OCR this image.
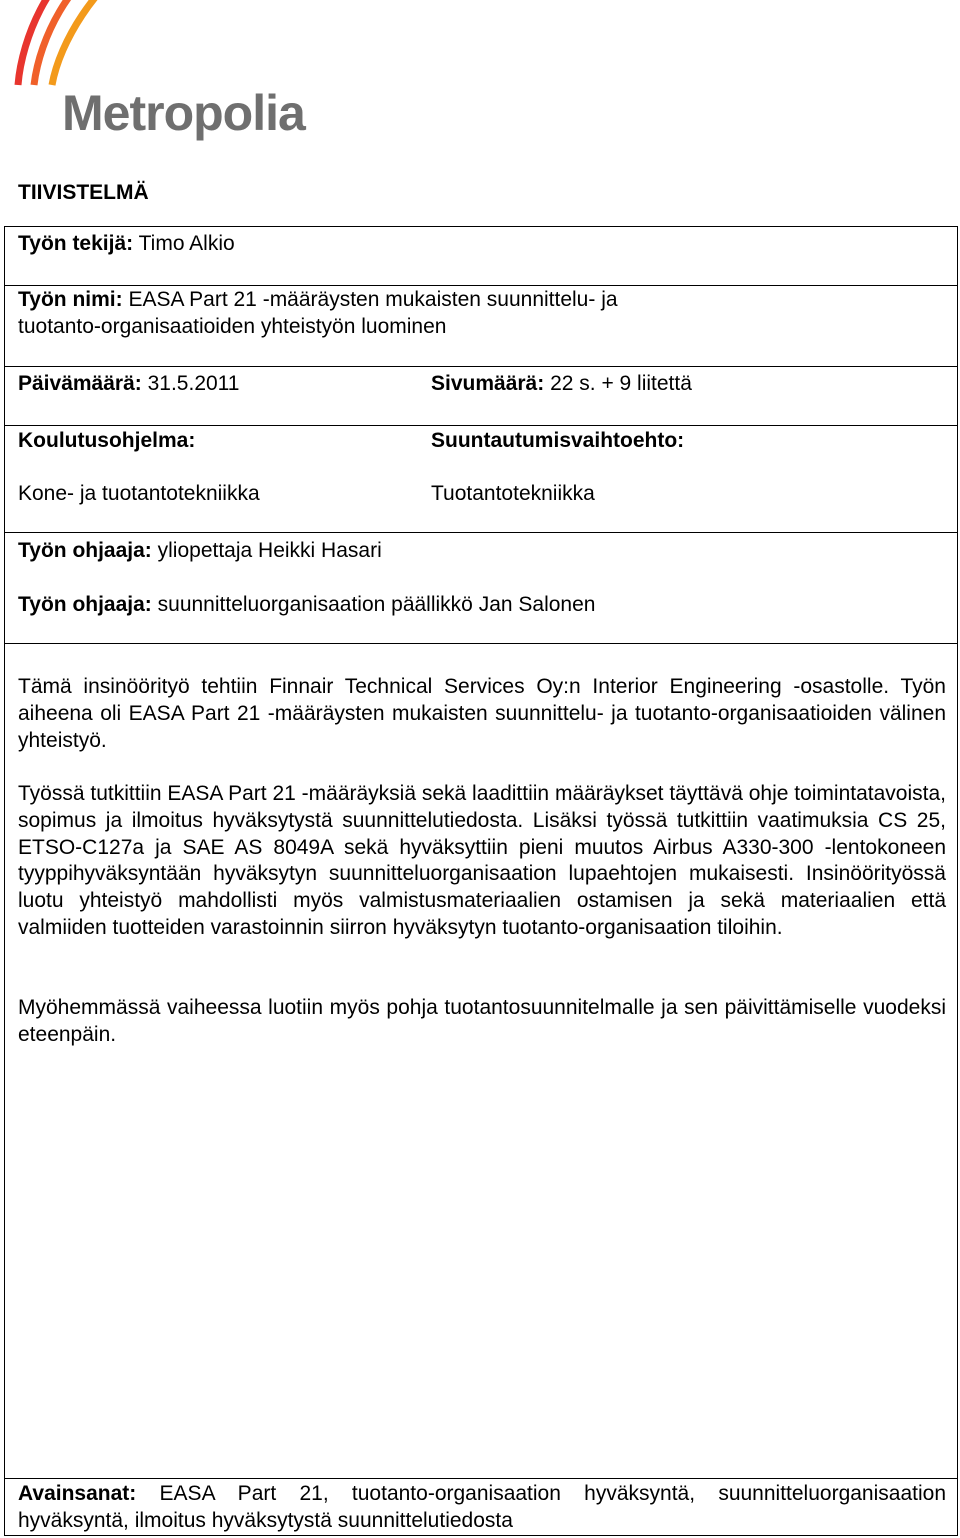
Metropolia
TIIVISTELMÄ
Työn tekijä: Timo Alkio
Työn nimi: EASA Part 21 -määräysten mukaisten suunnittelu- ja
tuotanto-organisaatioiden yhteistyön luominen
Päivämäärä: 31.5.2011	Sivumäärä: 22 s. + 9 liitettä
Koulutusohjelma:
Kone- ja tuotantotekniikka
Suuntautumisvaihtoehto:
Tuotantotekniikka
Työn ohjaaja: yliopettaja Heikki Hasari
Työn ohjaaja: suunnitteluorganisaation päällikkö Jan Salonen
Tämä insinöörityö tehtiin Finnair Technical Services Oy:n Interior Engineering -osastolle. Työn aiheena oli EASA Part 21 -määräysten mukaisten suunnittelu- ja tuotanto-organisaatioiden välinen yhteistyö.
Työssä tutkittiin EASA Part 21 -määräyksiä sekä laadittiin määräykset täyttävä ohje toimintatavoista, sopimus ja ilmoitus hyväksytystä suunnittelutiedosta. Lisäksi työssä tutkittiin vaatimuksia CS 25, ETSO-C127a ja SAE AS 8049A sekä hyväksyttiin pieni muutos Airbus A330-300 -lentokoneen tyyppihyväksyntään hyväksytyn suunnitteluorganisaation lupaehtojen mukaisesti. Insinöörityössä luotu yhteistyö mahdollisti myös valmistusmateriaalien ostamisen ja sekä materiaalien että valmiiden tuotteiden varastoinnin siirron hyväksytyn tuotanto-organisaation tiloihin.
Myöhemmässä vaiheessa luotiin myös pohja tuotantosuunnitelmalle ja sen päivittämiselle vuodeksi eteenpäin.
Avainsanat: EASA Part 21, tuotanto-organisaation hyväksyntä, suunnitteluorganisaation hyväksyntä, ilmoitus hyväksytystä suunnittelutiedosta
